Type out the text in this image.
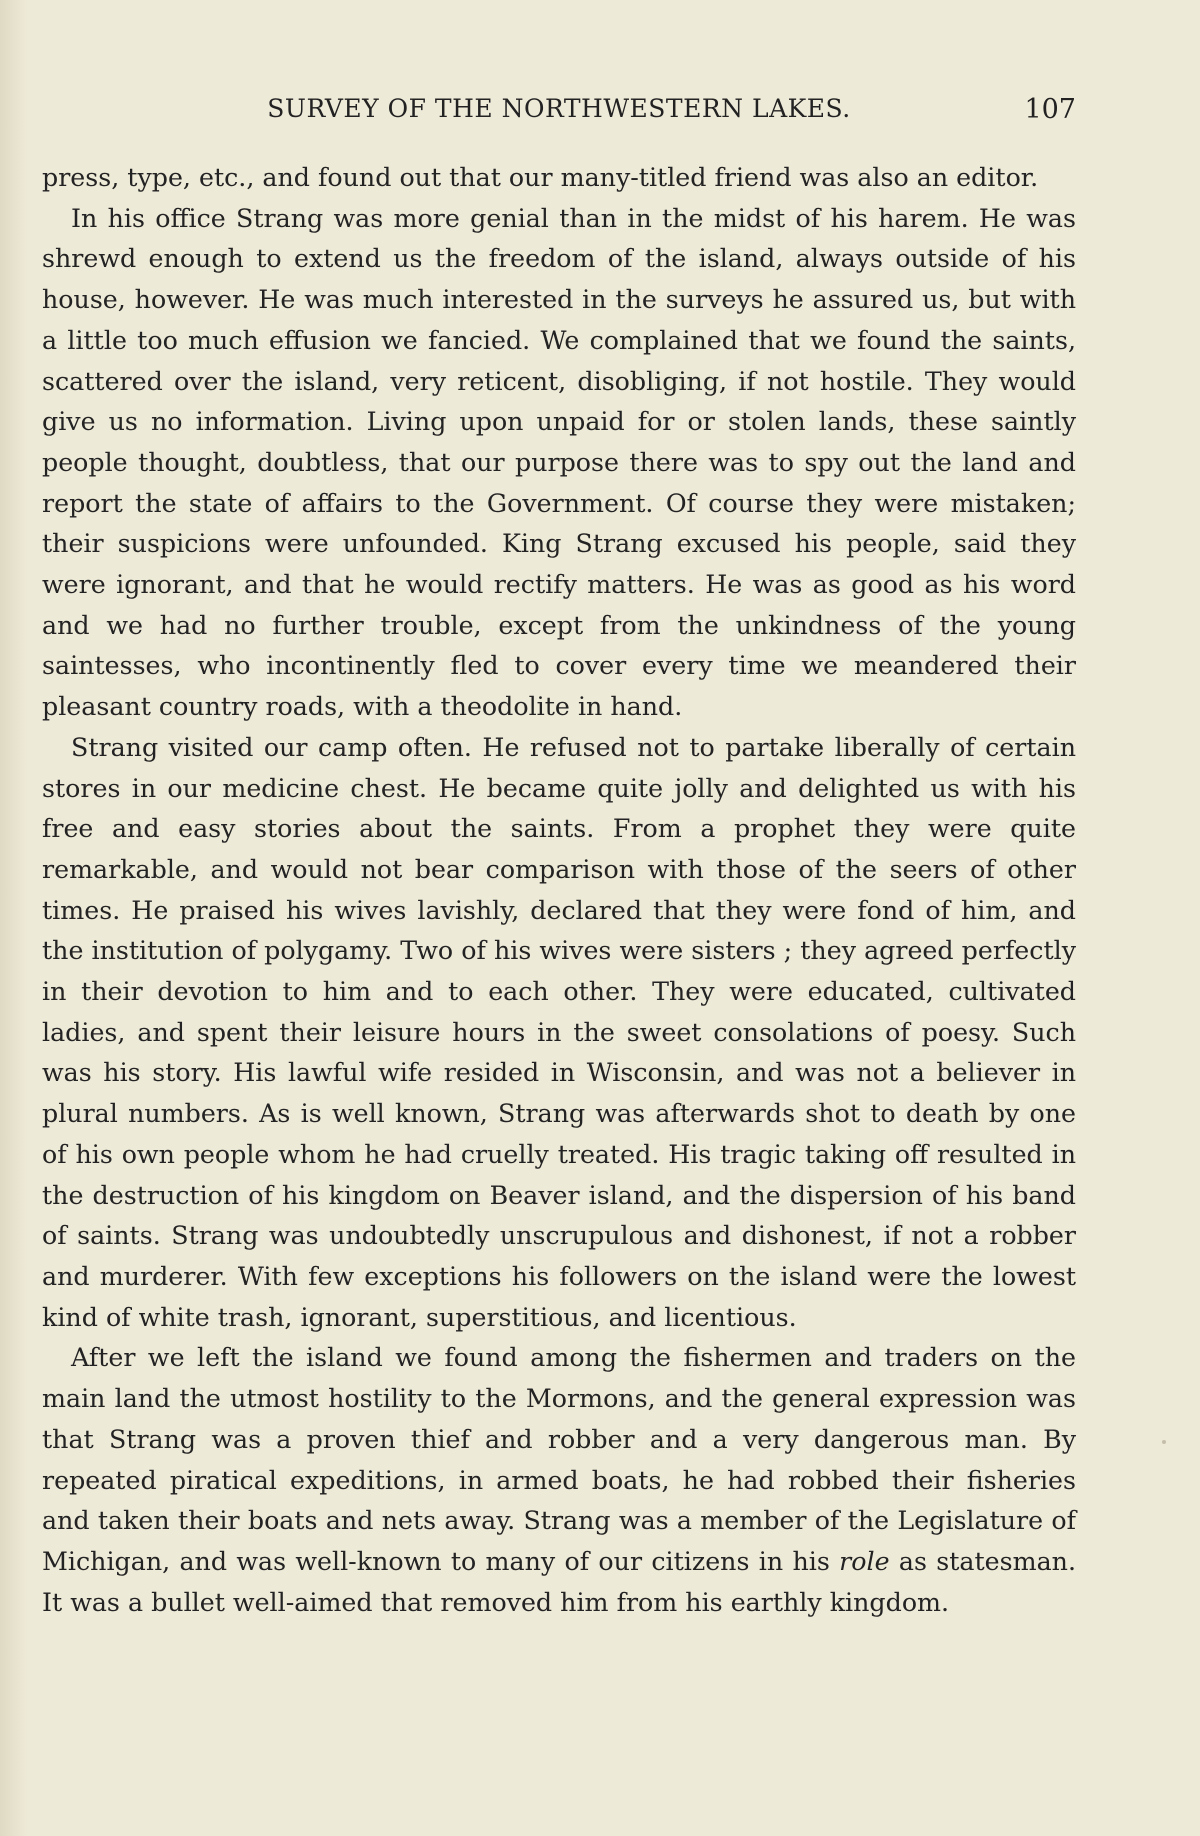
SURVEY OF THE NORTHWESTERN LAKES.	107

press, type, etc., and found out that our many-titled friend was also an editor.

In his office Strang was more genial than in the midst of his harem. He was shrewd enough to extend us the freedom of the island, always outside of his house, however. He was much interested in the surveys he assured us, but with a little too much effusion we fancied. We complained that we found the saints, scattered over the island, very reticent, disobliging, if not hostile. They would give us no information. Living upon unpaid for or stolen lands, these saintly people thought, doubtless, that our purpose there was to spy out the land and report the state of affairs to the Government. Of course they were mistaken; their suspicions were unfounded. King Strang excused his people, said they were ignorant, and that he would rectify matters. He was as good as his word and we had no further trouble, except from the unkindness of the young saintesses, who incontinently fled to cover every time we meandered their pleasant country roads, with a theodolite in hand.

Strang visited our camp often. He refused not to partake liberally of certain stores in our medicine chest. He became quite jolly and delighted us with his free and easy stories about the saints. From a prophet they were quite remarkable, and would not bear comparison with those of the seers of other times. He praised his wives lavishly, declared that they were fond of him, and the institution of polygamy. Two of his wives were sisters ; they agreed perfectly in their devotion to him and to each other. They were educated, cultivated ladies, and spent their leisure hours in the sweet consolations of poesy. Such was his story. His lawful wife resided in Wisconsin, and was not a believer in plural numbers. As is well known, Strang was afterwards shot to death by one of his own people whom he had cruelly treated. His tragic taking off resulted in the destruction of his kingdom on Beaver island, and the dispersion of his band of saints. Strang was undoubtedly unscrupulous and dishonest, if not a robber and murderer. With few exceptions his followers on the island were the lowest kind of white trash, ignorant, superstitious, and licentious.

After we left the island we found among the fishermen and traders on the main land the utmost hostility to the Mormons, and the general expression was that Strang was a proven thief and robber and a very dangerous man. By repeated piratical expeditions, in armed boats, he had robbed their fisheries and taken their boats and nets away. Strang was a member of the Legislature of Michigan, and was well-known to many of our citizens in his role as statesman. It was a bullet well-aimed that removed him from his earthly kingdom.
